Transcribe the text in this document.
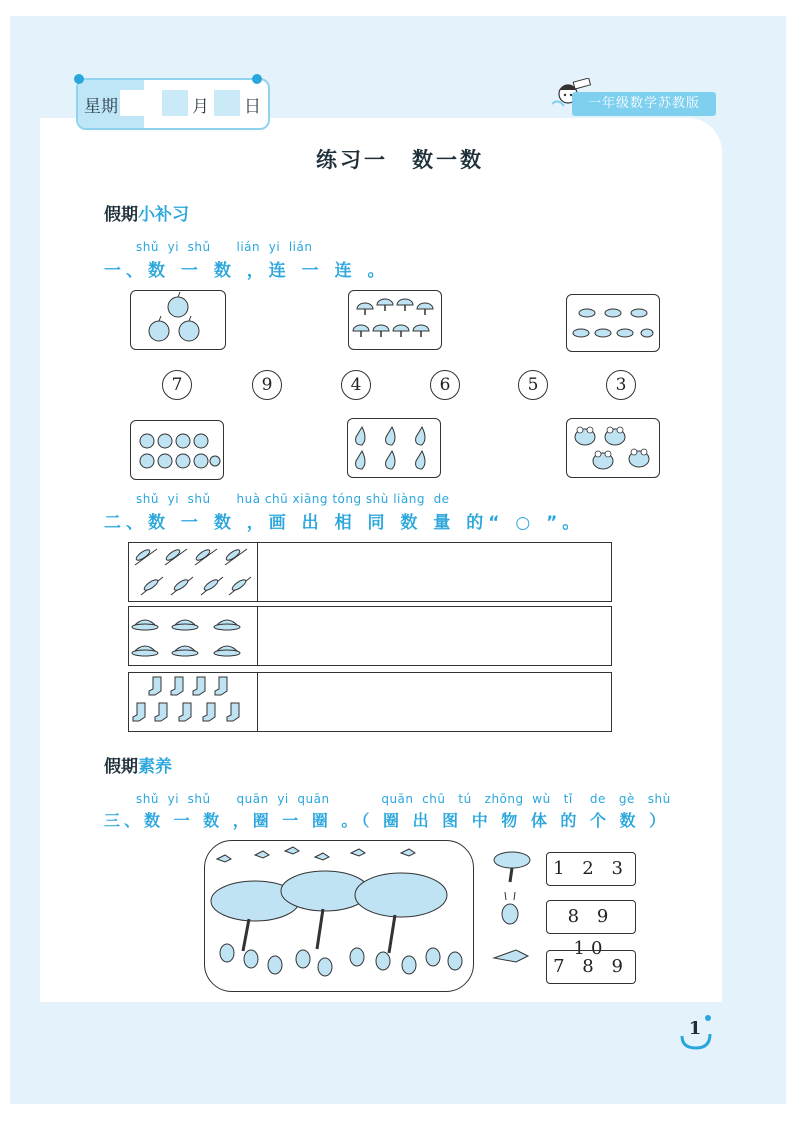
星期	月 日	一年级数学苏教版
练习一　数一数
假期小补习
shǔ  yi  shǔ      lián  yi  lián
一、数 一 数 ，连 一 连 。
7	9	4	6	5	3
shǔ  yi  shǔ      huà chū xiāng tóng shù liàng  de
二、数 一 数 ，画 出 相 同 数 量 的“ ○ ”。
假期素养
shǔ  yi  shǔ      quān  yi  quān            quān  chū   tú   zhōng  wù   tǐ    de   gè   shù
三、数 一 数 ，圈 一 圈 。（ 圈 出 图 中 物 体 的 个 数 ）
1 2 3
8 9 10
7 8 9
1
